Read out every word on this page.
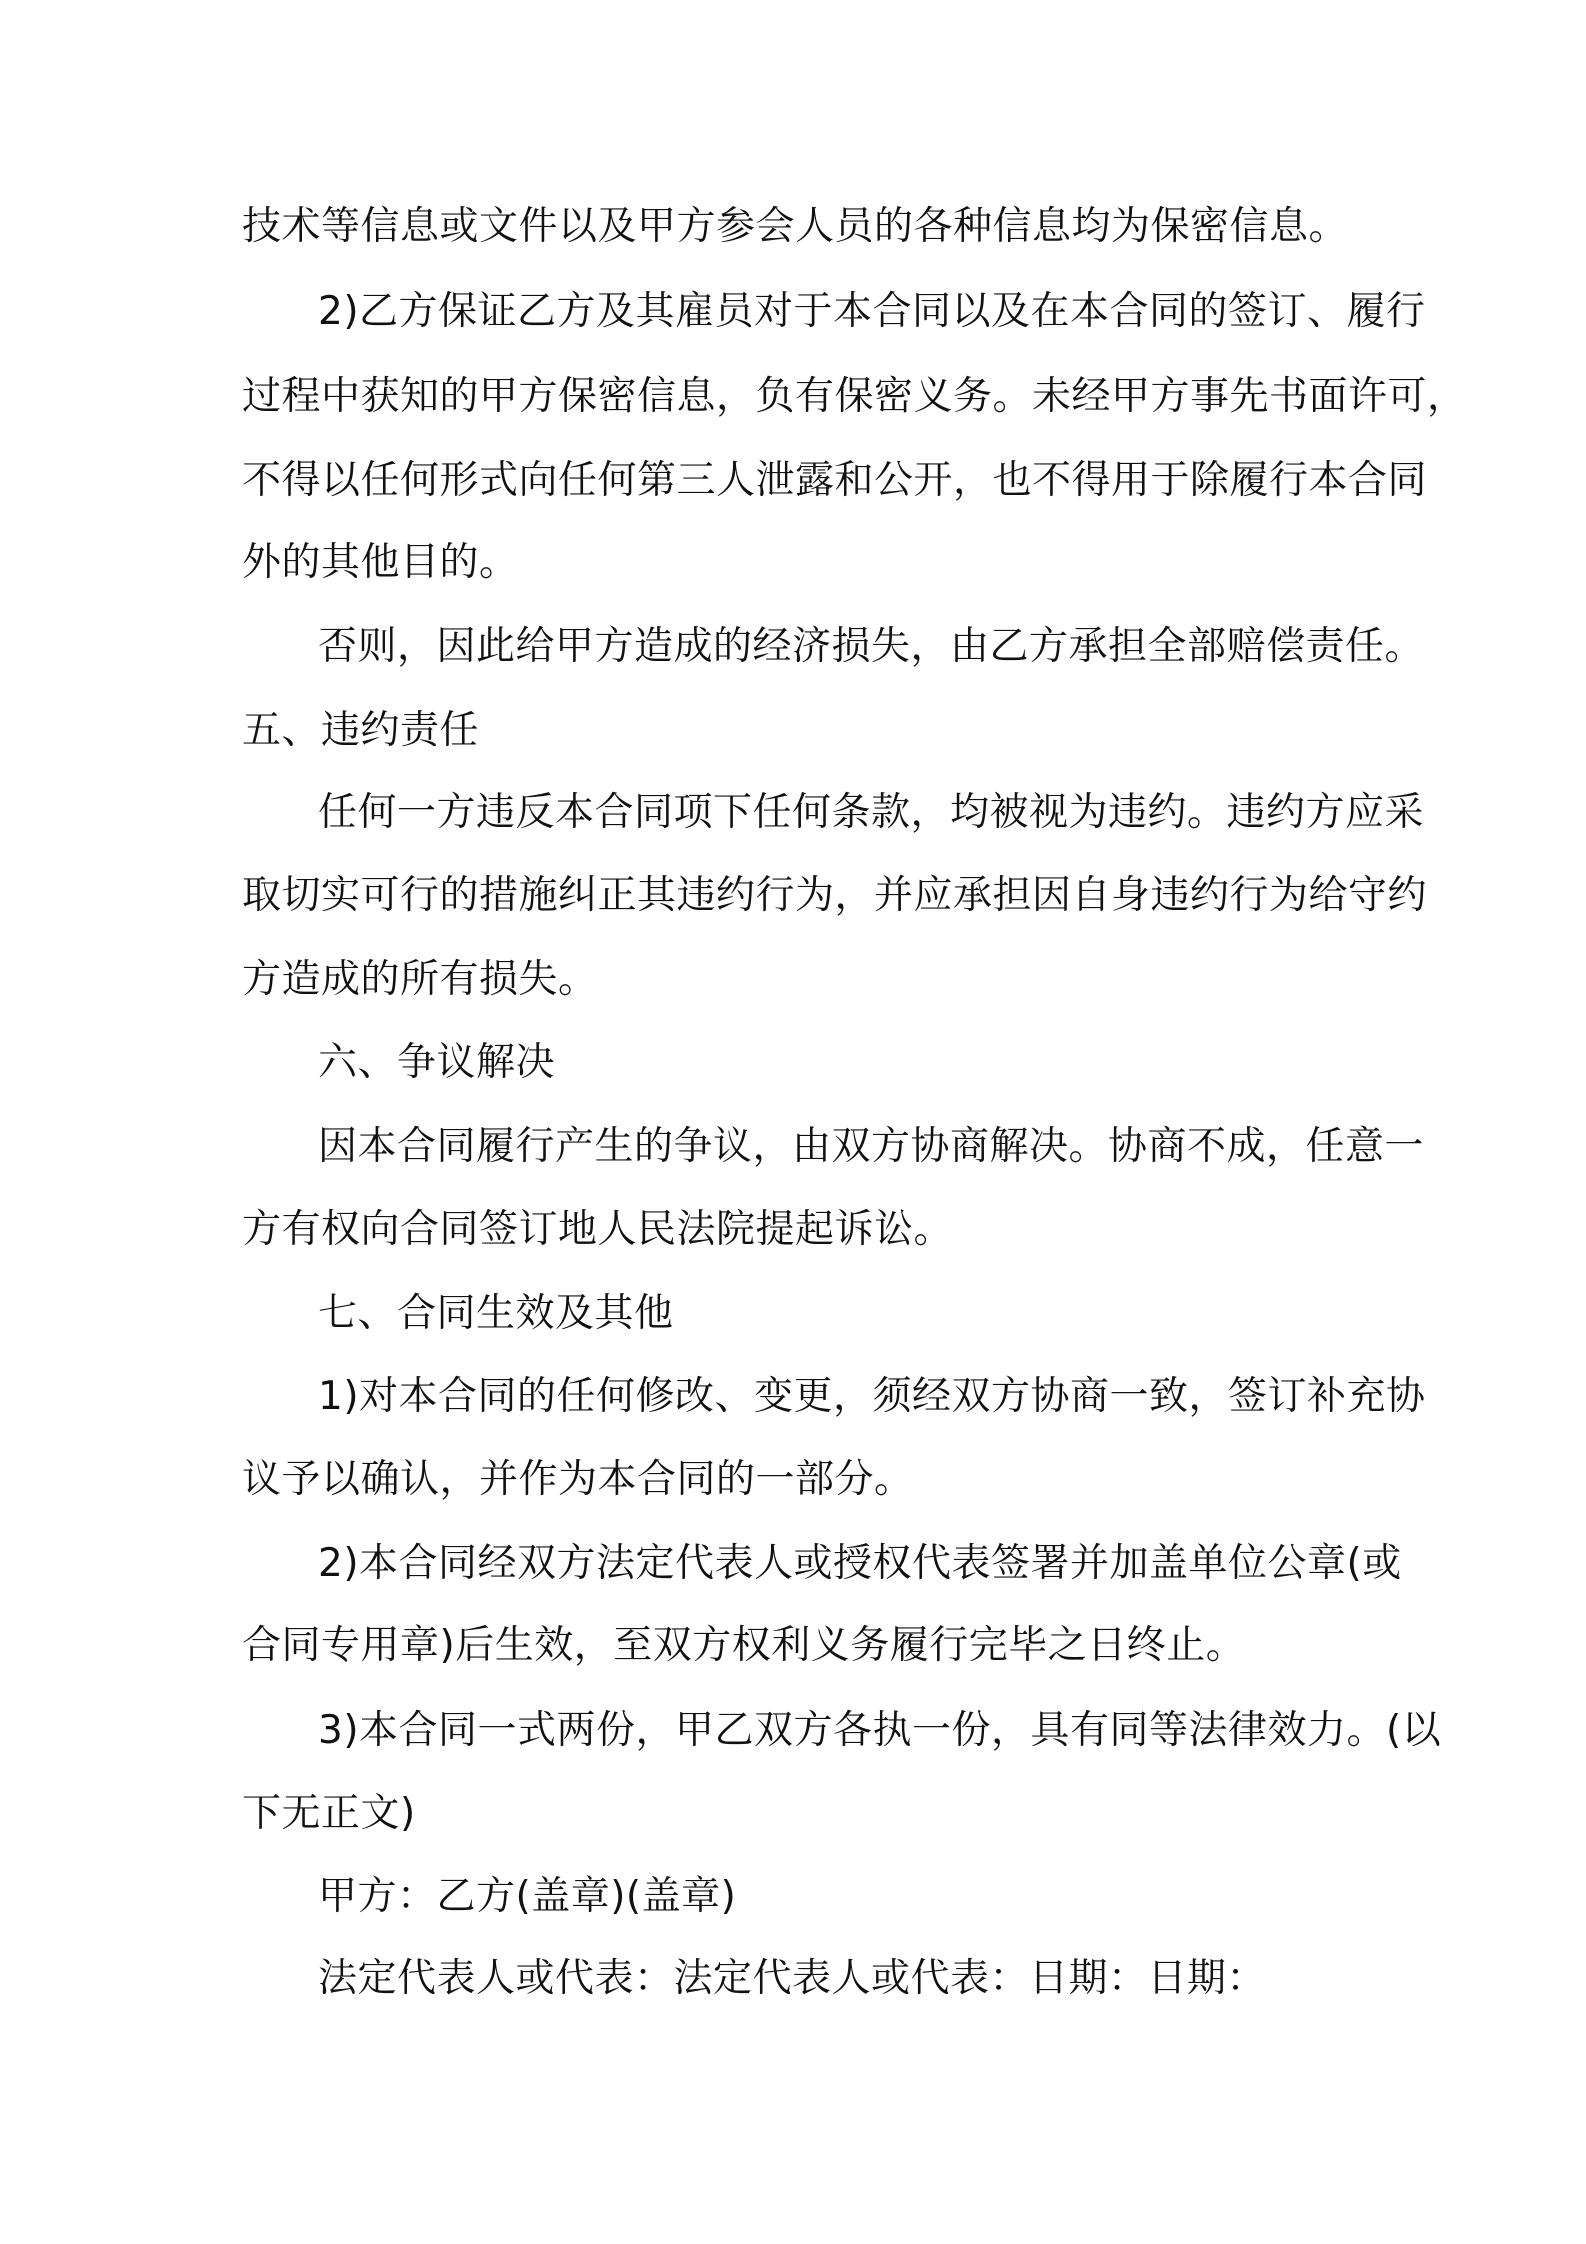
技术等信息或文件以及甲方参会人员的各种信息均为保密信息。
2)乙方保证乙方及其雇员对于本合同以及在本合同的签订、履行
过程中获知的甲方保密信息，负有保密义务。未经甲方事先书面许可，
不得以任何形式向任何第三人泄露和公开，也不得用于除履行本合同
外的其他目的。
否则，因此给甲方造成的经济损失，由乙方承担全部赔偿责任。
五、违约责任
任何一方违反本合同项下任何条款，均被视为违约。违约方应采
取切实可行的措施纠正其违约行为，并应承担因自身违约行为给守约
方造成的所有损失。
六、争议解决
因本合同履行产生的争议，由双方协商解决。协商不成，任意一
方有权向合同签订地人民法院提起诉讼。
七、合同生效及其他
1)对本合同的任何修改、变更，须经双方协商一致，签订补充协
议予以确认，并作为本合同的一部分。
2)本合同经双方法定代表人或授权代表签署并加盖单位公章(或
合同专用章)后生效，至双方权利义务履行完毕之日终止。
3)本合同一式两份，甲乙双方各执一份，具有同等法律效力。(以
下无正文)
甲方：乙方(盖章)(盖章)
法定代表人或代表：法定代表人或代表：日期：日期：
